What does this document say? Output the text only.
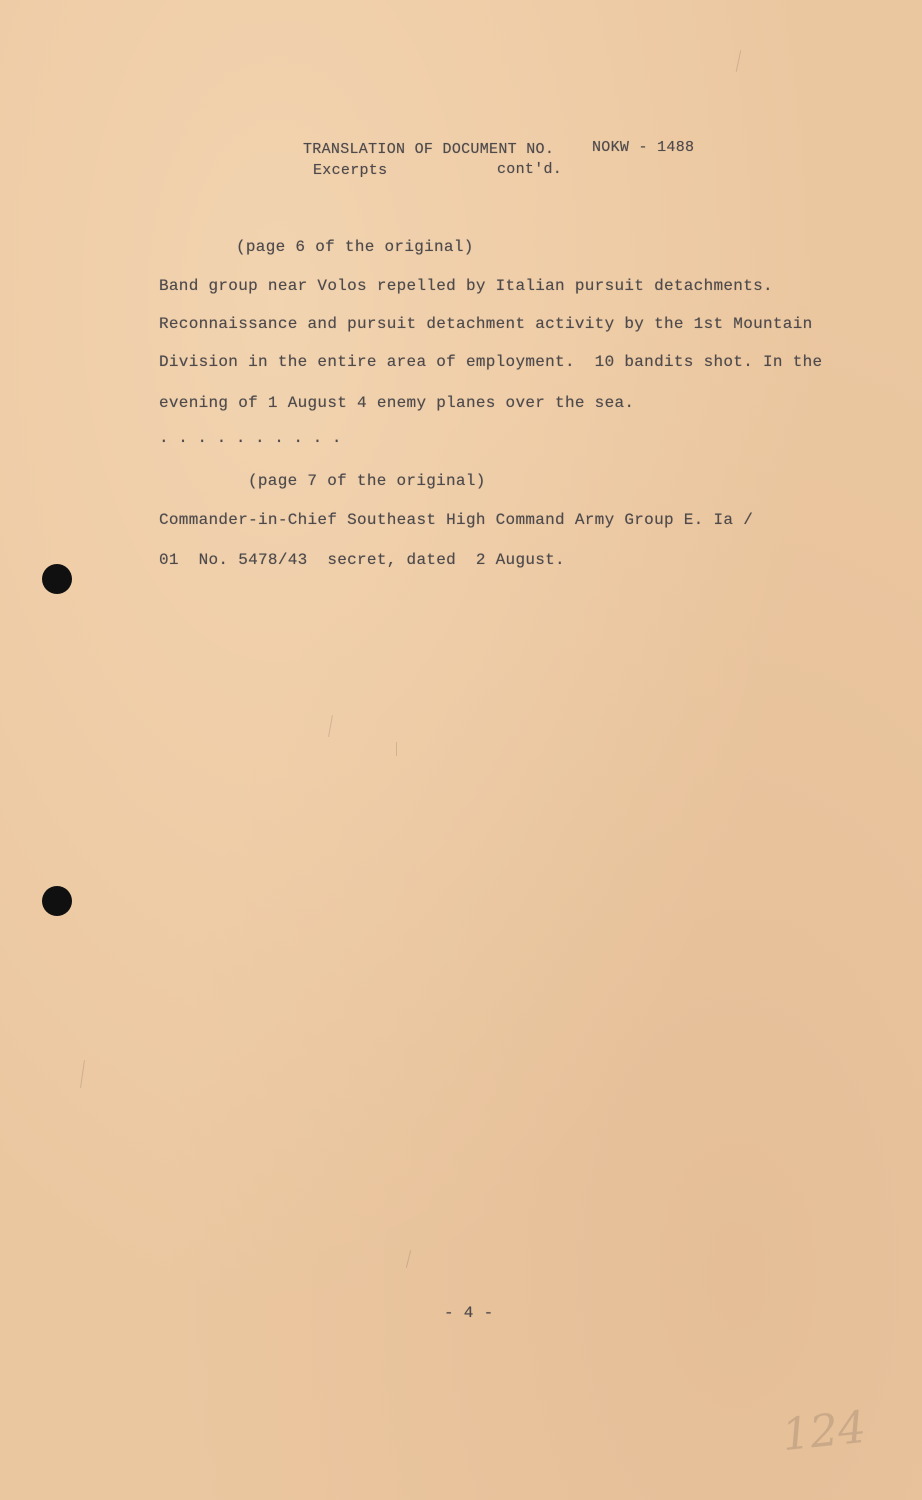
TRANSLATION OF DOCUMENT NO.	NOKW - 1488
Excerpts	cont'd.
(page 6 of the original)
Band group near Volos repelled by Italian pursuit detachments.
Reconnaissance and pursuit detachment activity by the 1st Mountain
Division in the entire area of employment.  10 bandits shot. In the
evening of 1 August 4 enemy planes over the sea.
. . . . . . . . . .
(page 7 of the original)
Commander-in-Chief Southeast High Command Army Group E. Ia /
01  No. 5478/43  secret, dated  2 August.
- 4 -
124
